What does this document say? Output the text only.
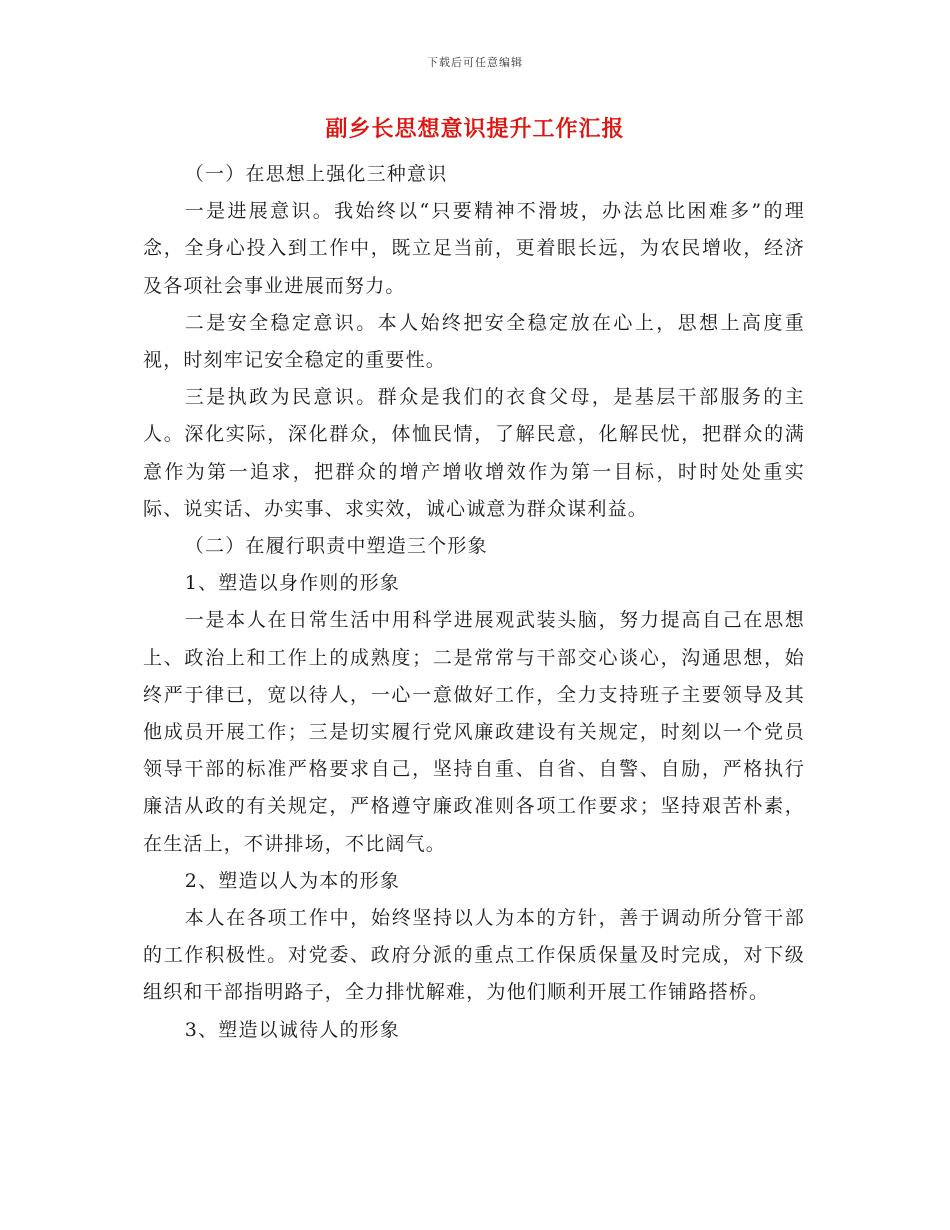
下载后可任意编辑
副乡长思想意识提升工作汇报

（一）在思想上强化三种意识

一是进展意识。我始终以“只要精神不滑坡，办法总比困难多”的理念，全身心投入到工作中，既立足当前，更着眼长远，为农民增收，经济及各项社会事业进展而努力。

二是安全稳定意识。本人始终把安全稳定放在心上，思想上高度重视，时刻牢记安全稳定的重要性。

三是执政为民意识。群众是我们的衣食父母，是基层干部服务的主人。深化实际，深化群众，体恤民情，了解民意，化解民忧，把群众的满意作为第一追求，把群众的增产增收增效作为第一目标，时时处处重实际、说实话、办实事、求实效，诚心诚意为群众谋利益。

（二）在履行职责中塑造三个形象

1、塑造以身作则的形象

一是本人在日常生活中用科学进展观武装头脑，努力提高自己在思想上、政治上和工作上的成熟度；二是常常与干部交心谈心，沟通思想，始终严于律已，宽以待人，一心一意做好工作，全力支持班子主要领导及其他成员开展工作；三是切实履行党风廉政建设有关规定，时刻以一个党员领导干部的标准严格要求自己，坚持自重、自省、自警、自励，严格执行廉洁从政的有关规定，严格遵守廉政准则各项工作要求；坚持艰苦朴素，在生活上，不讲排场，不比阔气。

2、塑造以人为本的形象

本人在各项工作中，始终坚持以人为本的方针，善于调动所分管干部的工作积极性。对党委、政府分派的重点工作保质保量及时完成，对下级组织和干部指明路子，全力排忧解难，为他们顺利开展工作铺路搭桥。

3、塑造以诚待人的形象
